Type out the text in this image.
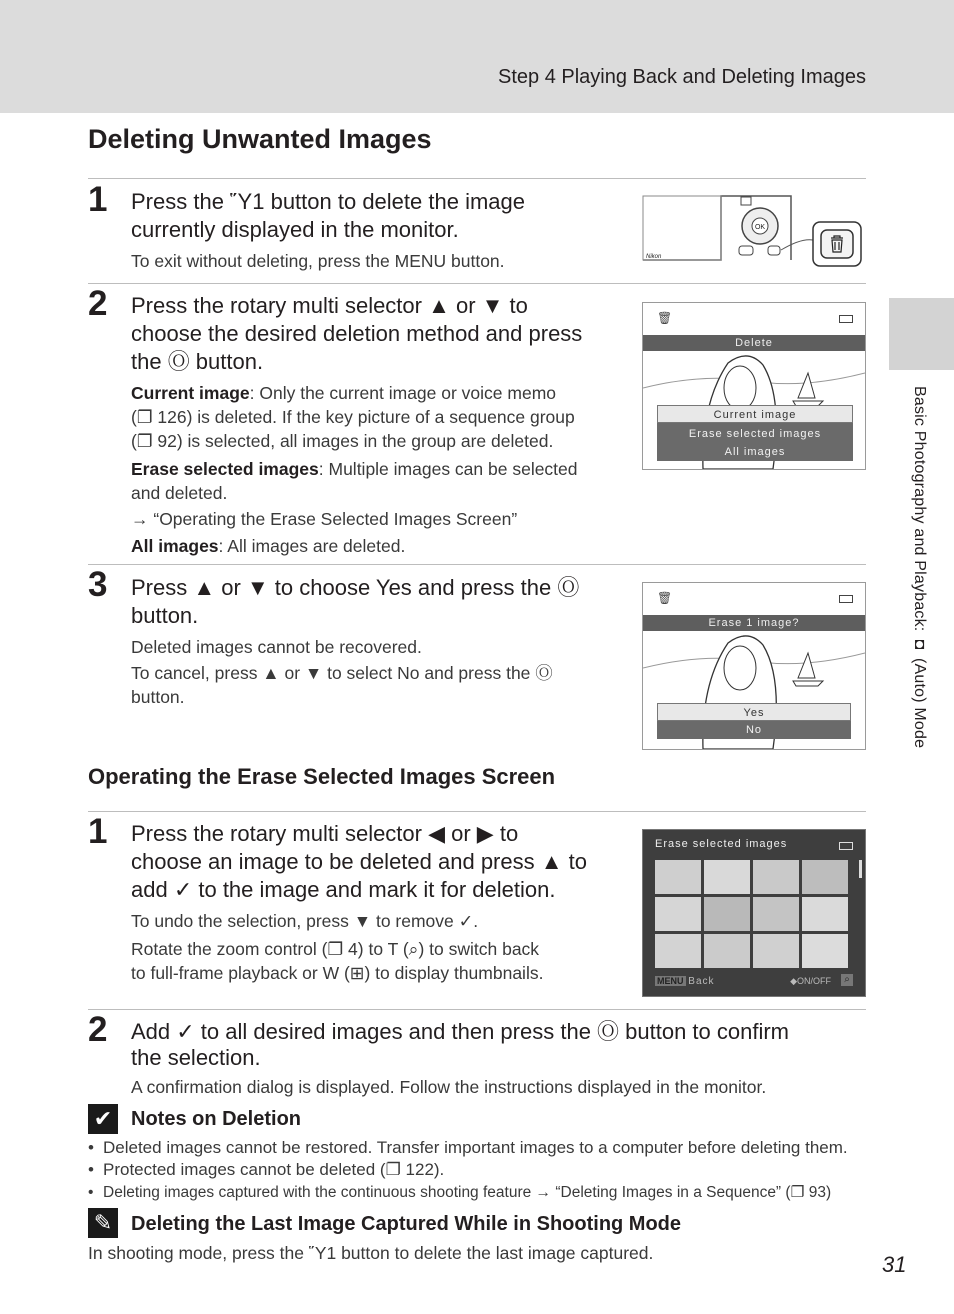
Step 4 Playing Back and Deleting Images
Basic Photography and Playback: ◘ (Auto) Mode
Deleting Unwanted Images
1 Press the Ὕ1 button to delete the image
currently displayed in the monitor.
To exit without deleting, press the MENU button.
OK
Nikon
2 Press the rotary multi selector ▲ or ▼ to
choose the desired deletion method and press
the Ⓞ button.
Current image: Only the current image or voice memo
(❐ 126) is deleted. If the key picture of a sequence group
(❐ 92) is selected, all images in the group are deleted.
Erase selected images: Multiple images can be selected
and deleted.
→ “Operating the Erase Selected Images Screen”
All images: All images are deleted.
🗑
Delete
Current image
Erase selected images
All images
3 Press ▲ or ▼ to choose Yes and press the Ⓞ
button.
Deleted images cannot be recovered.
To cancel, press ▲ or ▼ to select No and press the Ⓞ
button.
🗑
Erase 1 image?
Yes
No
Operating the Erase Selected Images Screen
1 Press the rotary multi selector ◀ or ▶ to
choose an image to be deleted and press ▲ to
add ✓ to the image and mark it for deletion.
To undo the selection, press ▼ to remove ✓.
Rotate the zoom control (❐ 4) to T (⌕) to switch back
to full-frame playback or W (⊞) to display thumbnails.
Erase selected images
MENU Back	◆ON/OFF	⌕
2 Add ✓ to all desired images and then press the Ⓞ button to confirm
the selection.
A confirmation dialog is displayed. Follow the instructions displayed in the monitor.
✔ Notes on Deletion
• Deleted images cannot be restored. Transfer important images to a computer before deleting them.
• Protected images cannot be deleted (❐ 122).
• Deleting images captured with the continuous shooting feature → “Deleting Images in a Sequence” (❐ 93)
✎ Deleting the Last Image Captured While in Shooting Mode
In shooting mode, press the Ὕ1 button to delete the last image captured.	31
